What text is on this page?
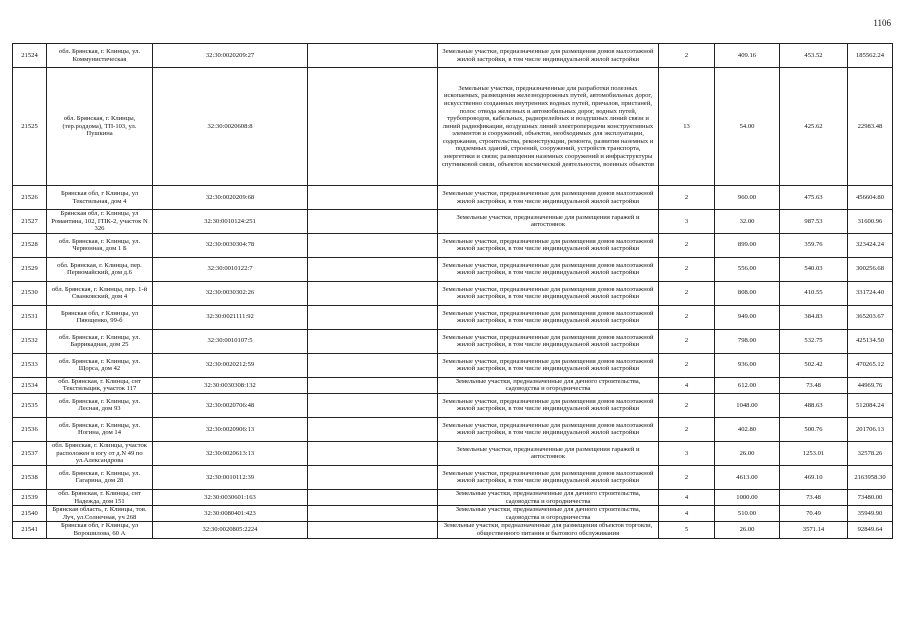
1106
21524	обл. Брянская, г. Клинцы, ул. Коммунистическая	32:30:0020209:27		Земельные участки, предназначенные для размещения домов малоэтажной жилой застройки, в том числе индивидуальной жилой застройки	2	409.16	453.52	185562.24
21525	обл. Брянская, г. Клинцы, (тер.роддома), ТП-103, ул. Пушкина	32:30:0020608:8		Земельные участки, предназначенные для разработки полезных ископаемых, размещения железнодорожных путей, автомобильных дорог, искусственно созданных внутренних водных путей, причалов, пристаней, полос отвода железных и автомобильных дорог, водных путей, трубопроводов, кабельных, радиорелейных и воздушных линий связи и линий радиофикации, воздушных линий электропередачи конструктивных элементов и сооружений, объектов, необходимых для эксплуатации, содержания, строительства, реконструкции, ремонта, развития наземных и подземных зданий, строений, сооружений, устройств транспорта, энергетики и связи; размещения наземных сооружений и инфраструктуры спутниковой связи, объектов космической деятельности, военных объектов	13	54.00	425.62	22983.48
21526	Брянская обл, г Клинцы, ул Текстильная, дом 4	32:30:0020209:68		Земельные участки, предназначенные для размещения домов малоэтажной жилой застройки, в том числе индивидуальной жилой застройки	2	960.00	475.63	456604.80
21527	Брянская обл, г. Клинцы, ул Романтина, 102, ГПК-2, участок N 326	32:30:0010124:251		Земельные участки, предназначенные для размещения гаражей и автостоянок	3	32.00	987.53	31600.96
21528	обл. Брянская, г. Клинцы, ул. Червонная, дом 1 Б	32:30:0030304:78		Земельные участки, предназначенные для размещения домов малоэтажной жилой застройки, в том числе индивидуальной жилой застройки	2	899.00	359.76	323424.24
21529	обл. Брянская, г. Клинцы, пер. Первомайский, дом д.6	32:30:0010122:7		Земельные участки, предназначенные для размещения домов малоэтажной жилой застройки, в том числе индивидуальной жилой застройки	2	556.00	540.03	300256.68
21530	обл. Брянская, г. Клинцы, пер. 1-й Сванковский, дом 4	32:30:0030302:26		Земельные участки, предназначенные для размещения домов малоэтажной жилой застройки, в том числе индивидуальной жилой застройки	2	808.00	410.55	331724.40
21531	Брянская обл, г Клинцы, ул Пяющенко, 99-б	32:30:0021111:92		Земельные участки, предназначенные для размещения домов малоэтажной жилой застройки, в том числе индивидуальной жилой застройки	2	949.00	384.83	365203.67
21532	обл. Брянская, г. Клинцы, ул. Баррикадная, дом 25	32:30:0010107:5		Земельные участки, предназначенные для размещения домов малоэтажной жилой застройки, в том числе индивидуальной жилой застройки	2	798.00	532.75	425134.50
21533	обл. Брянская, г. Клинцы, ул. Щорса, дом 42	32:30:0020212:59		Земельные участки, предназначенные для размещения домов малоэтажной жилой застройки, в том числе индивидуальной жилой застройки	2	936.00	502.42	470265.12
21534	обл. Брянская, г. Клинцы, снт Текстильщик, участок 117	32:30:0030308:132		Земельные участки, предназначенные для дачного строительства, садоводства и огородничества	4	612.00	73.48	44969.76
21535	обл. Брянская, г. Клинцы, ул. Лесная, дом 93	32:30:0020706:48		Земельные участки, предназначенные для размещения домов малоэтажной жилой застройки, в том числе индивидуальной жилой застройки	2	1048.00	488.63	512084.24
21536	обл. Брянская, г. Клинцы, ул. Ногина, дом 14	32:30:0020906:13		Земельные участки, предназначенные для размещения домов малоэтажной жилой застройки, в том числе индивидуальной жилой застройки	2	402.80	500.76	201706.13
21537	обл. Брянская, г. Клинцы, участок расположен в югу от д.N 49 по ул.Александрова	32:30:0020613:13		Земельные участки, предназначенные для размещения гаражей и автостоянок	3	26.00	1253.01	32578.26
21538	обл. Брянская, г. Клинцы, ул. Гагарина, дом 28	32:30:0010112:39		Земельные участки, предназначенные для размещения домов малоэтажной жилой застройки, в том числе индивидуальной жилой застройки	2	4613.00	469.10	2163958.30
21539	обл. Брянская, г. Клинцы, снт Надежда, дом 151	32:30:0030601:163		Земельные участки, предназначенные для дачного строительства, садоводства и огородничества	4	1000.00	73.48	73480.00
21540	Брянская область, г. Клинцы, тов. Луч, ул.Солнечная, уч 268	32:30:0080401:423		Земельные участки, предназначенные для дачного строительства, садоводства и огородничества	4	510.00	70.49	35949.90
21541	Брянская обл, г Клинцы, ул Ворошилова, 60 А	32:30:0020805:2224		Земельные участки, предназначенные для размещения объектов торговли, общественного питания и бытового обслуживания	5	26.00	3571.14	92849.64
